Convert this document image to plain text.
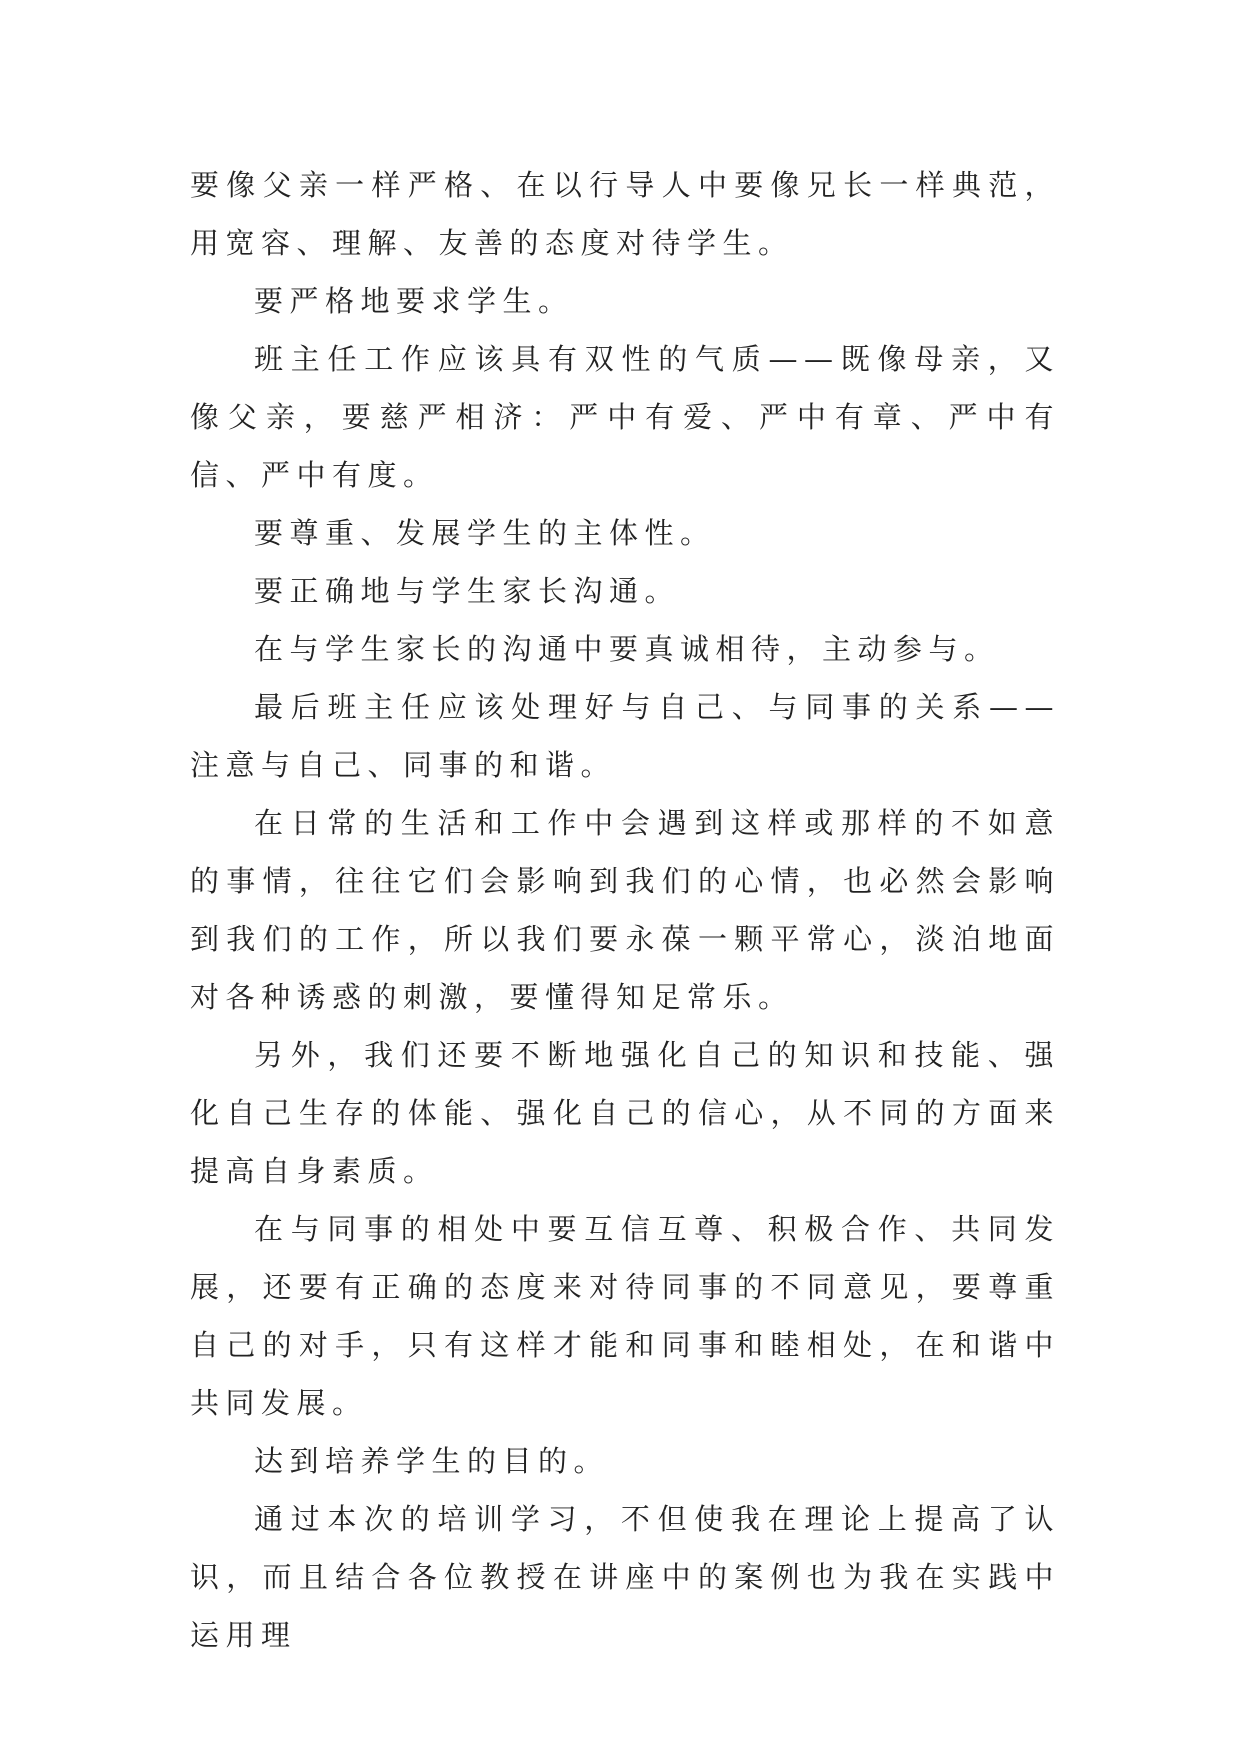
要像父亲一样严格、在以行导人中要像兄长一样典范，用宽容、理解、友善的态度对待学生。

要严格地要求学生。

班主任工作应该具有双性的气质——既像母亲，又像父亲，要慈严相济：严中有爱、严中有章、严中有信、严中有度。

要尊重、发展学生的主体性。

要正确地与学生家长沟通。

在与学生家长的沟通中要真诚相待，主动参与。

最后班主任应该处理好与自己、与同事的关系——注意与自己、同事的和谐。

在日常的生活和工作中会遇到这样或那样的不如意的事情，往往它们会影响到我们的心情，也必然会影响到我们的工作，所以我们要永葆一颗平常心，淡泊地面对各种诱惑的刺激，要懂得知足常乐。

另外，我们还要不断地强化自己的知识和技能、强化自己生存的体能、强化自己的信心，从不同的方面来提高自身素质。

在与同事的相处中要互信互尊、积极合作、共同发展，还要有正确的态度来对待同事的不同意见，要尊重自己的对手，只有这样才能和同事和睦相处，在和谐中共同发展。

达到培养学生的目的。

通过本次的培训学习，不但使我在理论上提高了认识，而且结合各位教授在讲座中的案例也为我在实践中运用理
